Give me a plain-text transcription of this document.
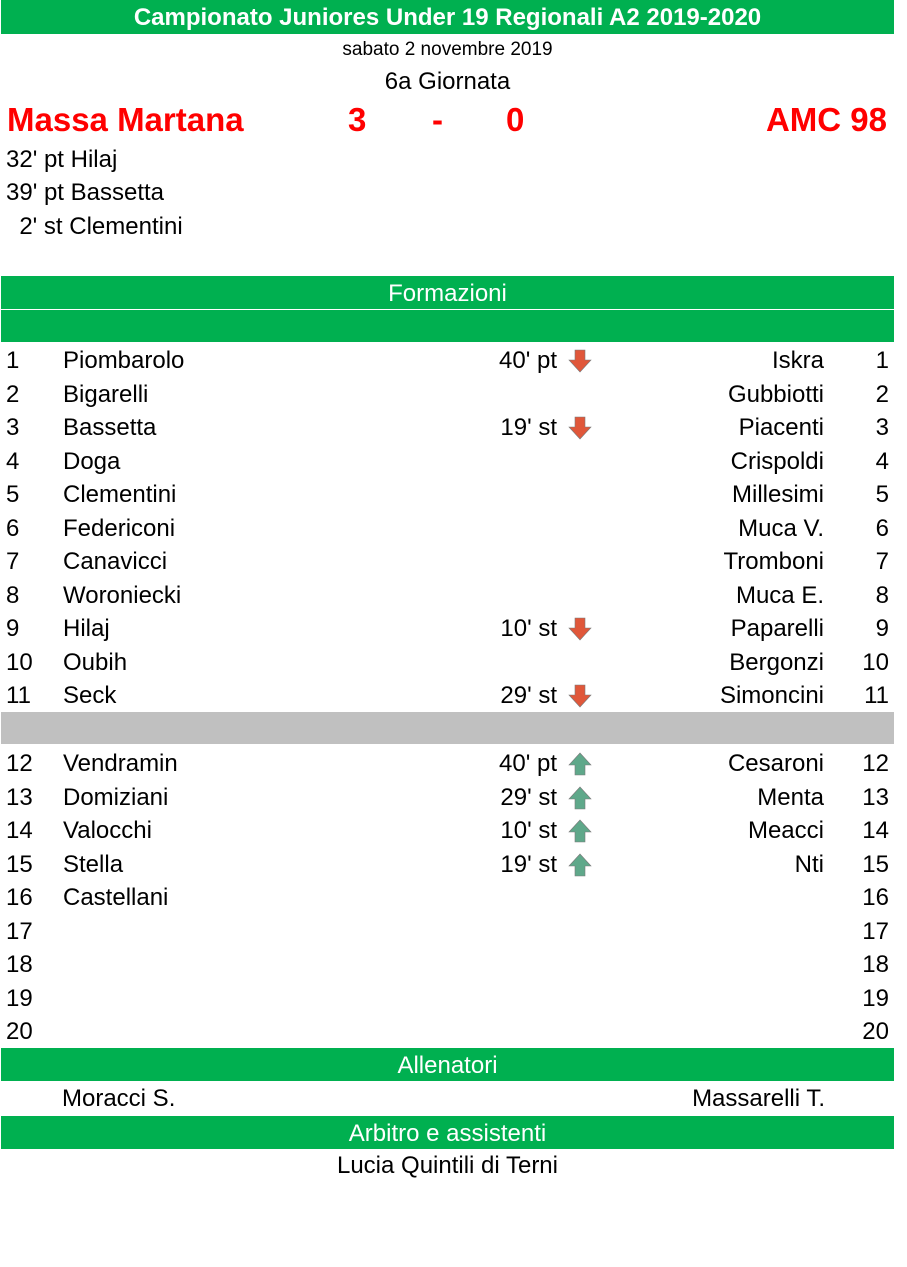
Campionato Juniores Under 19 Regionali A2 2019-2020
sabato 2 novembre 2019
6a Giornata
Massa Martana	3 - 0	AMC 98
32' pt Hilaj
39' pt Bassetta
2' st Clementini
Formazioni
1 Piombarolo	40' pt	Iskra 1
2 Bigarelli	Gubbiotti 2
3 Bassetta	19' st	Piacenti 3
4 Doga	Crispoldi 4
5 Clementini	Millesimi 5
6 Federiconi	Muca V. 6
7 Canavicci	Tromboni 7
8 Woroniecki	Muca E. 8
9 Hilaj	10' st	Paparelli 9
10 Oubih	Bergonzi 10
11 Seck	29' st	Simoncini 11
12 Vendramin	40' pt	Cesaroni 12
13 Domiziani	29' st	Menta 13
14 Valocchi	10' st	Meacci 14
15 Stella	19' st	Nti 15
16 Castellani	16
17	17
18	18
19	19
20	20
Allenatori
Moracci S.	Massarelli T.
Arbitro e assistenti
Lucia Quintili di Terni
